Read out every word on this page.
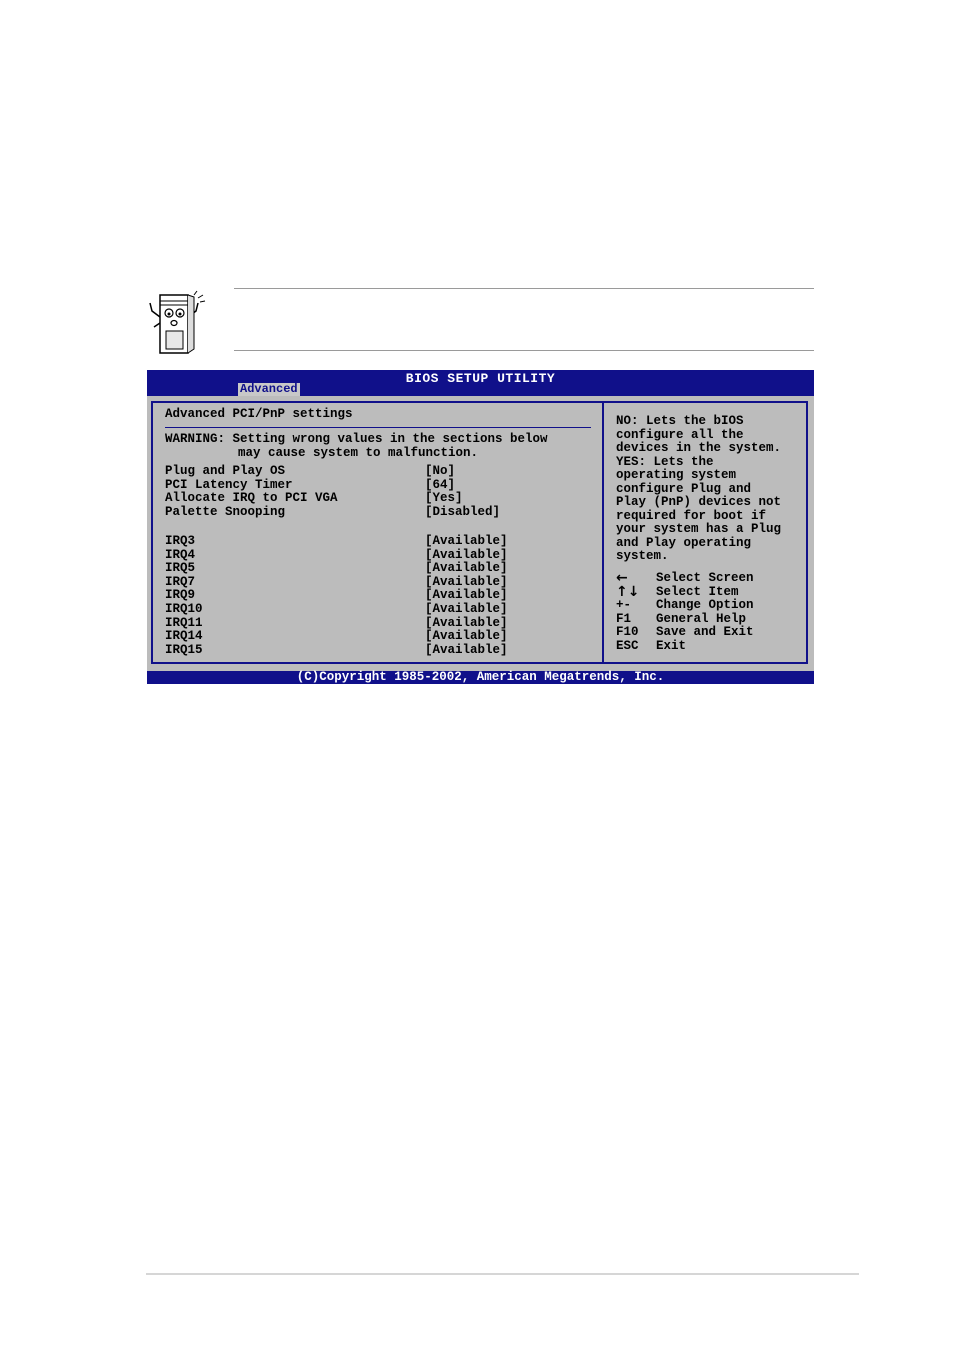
BIOS SETUP UTILITY
Advanced
Advanced PCI/PnP settings
WARNING: Setting wrong values in the sections below
may cause system to malfunction.
Plug and Play OS	[No]
PCI Latency Timer	[64]
Allocate IRQ to PCI VGA	[Yes]
Palette Snooping	[Disabled]
IRQ3	[Available]
IRQ4	[Available]
IRQ5	[Available]
IRQ7	[Available]
IRQ9	[Available]
IRQ10	[Available]
IRQ11	[Available]
IRQ14	[Available]
IRQ15	[Available]
NO: Lets the bIOS
configure all the
devices in the system.
YES: Lets the
operating system
configure Plug and
Play (PnP) devices not
required for boot if
your system has a Plug
and Play operating
system.
←	Select Screen
↑↓	Select Item
+-	Change Option
F1	General Help
F10	Save and Exit
ESC	Exit
(C)Copyright 1985-2002, American Megatrends, Inc.
